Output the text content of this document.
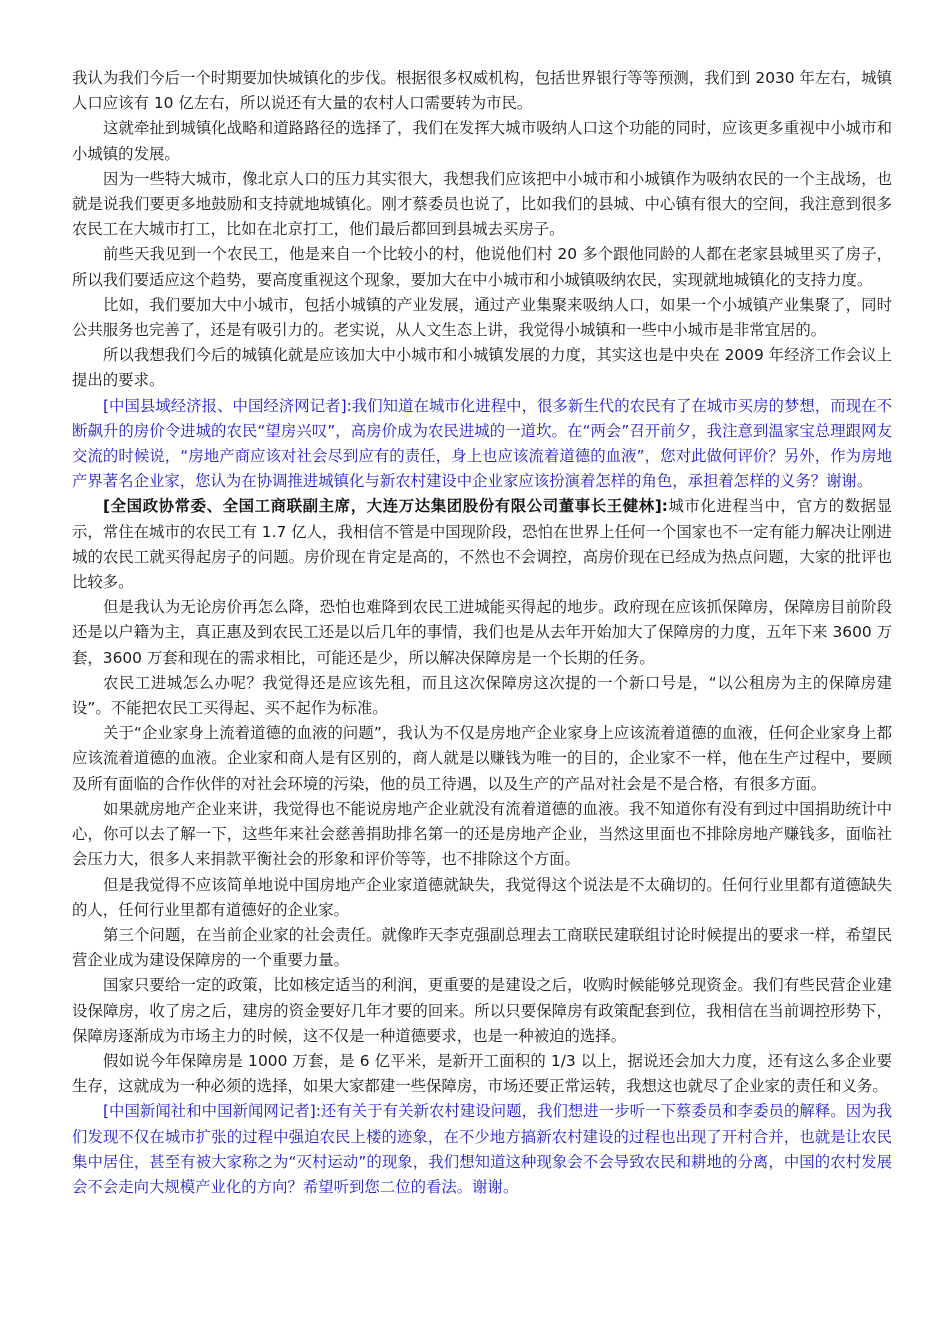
我认为我们今后一个时期要加快城镇化的步伐。根据很多权威机构，包括世界银行等等预测，我们到 2030 年左右，城镇人口应该有 10 亿左右，所以说还有大量的农村人口需要转为市民。

这就牵扯到城镇化战略和道路路径的选择了，我们在发挥大城市吸纳人口这个功能的同时，应该更多重视中小城市和小城镇的发展。

因为一些特大城市，像北京人口的压力其实很大，我想我们应该把中小城市和小城镇作为吸纳农民的一个主战场，也就是说我们要更多地鼓励和支持就地城镇化。刚才蔡委员也说了，比如我们的县城、中心镇有很大的空间，我注意到很多农民工在大城市打工，比如在北京打工，他们最后都回到县城去买房子。

前些天我见到一个农民工，他是来自一个比较小的村，他说他们村 20 多个跟他同龄的人都在老家县城里买了房子，所以我们要适应这个趋势，要高度重视这个现象，要加大在中小城市和小城镇吸纳农民，实现就地城镇化的支持力度。

比如，我们要加大中小城市，包括小城镇的产业发展，通过产业集聚来吸纳人口，如果一个小城镇产业集聚了，同时公共服务也完善了，还是有吸引力的。老实说，从人文生态上讲，我觉得小城镇和一些中小城市是非常宜居的。

所以我想我们今后的城镇化就是应该加大中小城市和小城镇发展的力度，其实这也是中央在 2009 年经济工作会议上提出的要求。

[中国县域经济报、中国经济网记者]:我们知道在城市化进程中，很多新生代的农民有了在城市买房的梦想，而现在不断飙升的房价令进城的农民“望房兴叹”，高房价成为农民进城的一道坎。在“两会”召开前夕，我注意到温家宝总理跟网友交流的时候说，“房地产商应该对社会尽到应有的责任，身上也应该流着道德的血液”，您对此做何评价？另外，作为房地产界著名企业家，您认为在协调推进城镇化与新农村建设中企业家应该扮演着怎样的角色，承担着怎样的义务？谢谢。

[全国政协常委、全国工商联副主席，大连万达集团股份有限公司董事长王健林]:城市化进程当中，官方的数据显示，常住在城市的农民工有 1.7 亿人，我相信不管是中国现阶段，恐怕在世界上任何一个国家也不一定有能力解决让刚进城的农民工就买得起房子的问题。房价现在肯定是高的，不然也不会调控，高房价现在已经成为热点问题，大家的批评也比较多。

但是我认为无论房价再怎么降，恐怕也难降到农民工进城能买得起的地步。政府现在应该抓保障房，保障房目前阶段还是以户籍为主，真正惠及到农民工还是以后几年的事情，我们也是从去年开始加大了保障房的力度，五年下来 3600 万套，3600 万套和现在的需求相比，可能还是少，所以解决保障房是一个长期的任务。

农民工进城怎么办呢？我觉得还是应该先租，而且这次保障房这次提的一个新口号是，“以公租房为主的保障房建设”。不能把农民工买得起、买不起作为标准。

关于“企业家身上流着道德的血液的问题”，我认为不仅是房地产企业家身上应该流着道德的血液，任何企业家身上都应该流着道德的血液。企业家和商人是有区别的，商人就是以赚钱为唯一的目的，企业家不一样，他在生产过程中，要顾及所有面临的合作伙伴的对社会环境的污染，他的员工待遇，以及生产的产品对社会是不是合格，有很多方面。

如果就房地产企业来讲，我觉得也不能说房地产企业就没有流着道德的血液。我不知道你有没有到过中国捐助统计中心，你可以去了解一下，这些年来社会慈善捐助排名第一的还是房地产企业，当然这里面也不排除房地产赚钱多，面临社会压力大，很多人来捐款平衡社会的形象和评价等等，也不排除这个方面。

但是我觉得不应该简单地说中国房地产企业家道德就缺失，我觉得这个说法是不太确切的。任何行业里都有道德缺失的人，任何行业里都有道德好的企业家。

第三个问题，在当前企业家的社会责任。就像昨天李克强副总理去工商联民建联组讨论时候提出的要求一样，希望民营企业成为建设保障房的一个重要力量。

国家只要给一定的政策，比如核定适当的利润，更重要的是建设之后，收购时候能够兑现资金。我们有些民营企业建设保障房，收了房之后，建房的资金要好几年才要的回来。所以只要保障房有政策配套到位，我相信在当前调控形势下，保障房逐渐成为市场主力的时候，这不仅是一种道德要求，也是一种被迫的选择。

假如说今年保障房是 1000 万套，是 6 亿平米，是新开工面积的 1/3 以上，据说还会加大力度，还有这么多企业要生存，这就成为一种必须的选择，如果大家都建一些保障房，市场还要正常运转，我想这也就尽了企业家的责任和义务。

[中国新闻社和中国新闻网记者]:还有关于有关新农村建设问题，我们想进一步听一下蔡委员和李委员的解释。因为我们发现不仅在城市扩张的过程中强迫农民上楼的迹象，在不少地方搞新农村建设的过程也出现了开村合并，也就是让农民集中居住，甚至有被大家称之为“灭村运动”的现象，我们想知道这种现象会不会导致农民和耕地的分离，中国的农村发展会不会走向大规模产业化的方向？希望听到您二位的看法。谢谢。
